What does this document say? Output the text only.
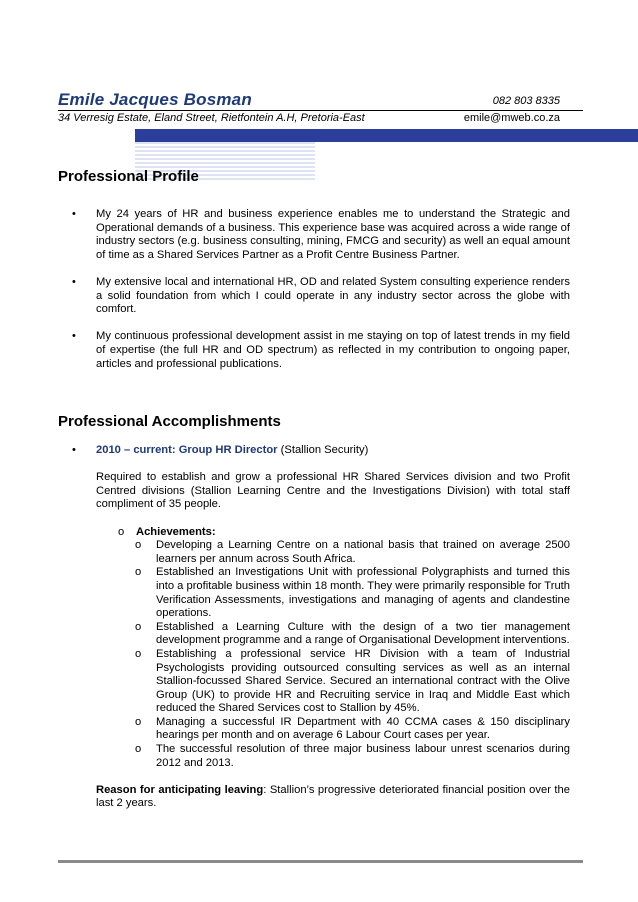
Emile Jacques Bosman	082 803 8335
34 Verresig Estate, Eland Street, Rietfontein A.H, Pretoria-East	emile@mweb.co.za
Professional Profile
• My 24 years of HR and business experience enables me to understand the Strategic and Operational demands of a business. This experience base was acquired across a wide range of industry sectors (e.g. business consulting, mining, FMCG and security) as well an equal amount of time as a Shared Services Partner as a Profit Centre Business Partner.
• My extensive local and international HR, OD and related System consulting experience renders a solid foundation from which I could operate in any industry sector across the globe with comfort.
• My continuous professional development assist in me staying on top of latest trends in my field of expertise (the full HR and OD spectrum) as reflected in my contribution to ongoing paper, articles and professional publications.
Professional Accomplishments
• 2010 – current: Group HR Director (Stallion Security)
Required to establish and grow a professional HR Shared Services division and two Profit Centred divisions (Stallion Learning Centre and the Investigations Division) with total staff compliment of 35 people.
o Achievements:
o Developing a Learning Centre on a national basis that trained on average 2500 learners per annum across South Africa.
o Established an Investigations Unit with professional Polygraphists and turned this into a profitable business within 18 month. They were primarily responsible for Truth Verification Assessments, investigations and managing of agents and clandestine operations.
o Established a Learning Culture with the design of a two tier management development programme and a range of Organisational Development interventions.
o Establishing a professional service HR Division with a team of Industrial Psychologists providing outsourced consulting services as well as an internal Stallion-focussed Shared Service. Secured an international contract with the Olive Group (UK) to provide HR and Recruiting service in Iraq and Middle East which reduced the Shared Services cost to Stallion by 45%.
o Managing a successful IR Department with 40 CCMA cases & 150 disciplinary hearings per month and on average 6 Labour Court cases per year.
o The successful resolution of three major business labour unrest scenarios during 2012 and 2013.
Reason for anticipating leaving: Stallion’s progressive deteriorated financial position over the last 2 years.
